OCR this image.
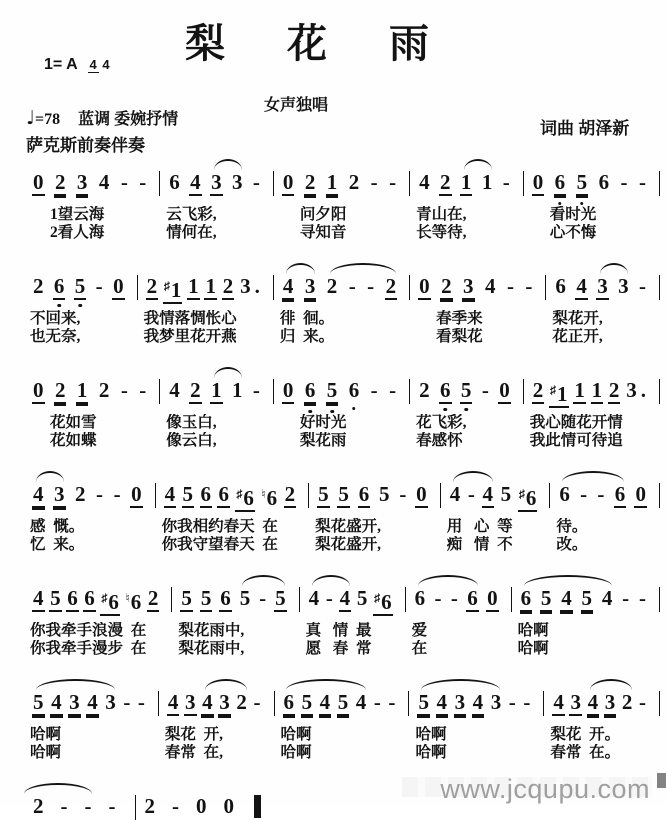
梨 花 雨
女声独唱
1= A 4 4
♩=78 蓝调 委婉抒情
萨克斯前奏伴奏
词曲 胡泽新
0 2 3 4 - -
1望云海
2看人海
6 4 3 3 -
云飞彩,
情何在,
0 2 1 2 - -
问夕阳
寻知音
4 2 1 1 -
青山在,
长等待,
0 6 5 6 - -
看时光
心不悔
2 6 5 - 0
不回来,
也无奈,
2 ♯1 1 1 2 3 .
我情落惆怅心
我梦里花开燕
4 3 2 - - 2
徘  徊。
归  来。
0 2 3 4 - -
春季来
看梨花
6 4 3 3 -
梨花开,
花正开,
0 2 1 2 - -
花如雪
花如蝶
4 2 1 1 -
像玉白,
像云白,
0 6 5 6 - -
好时光
梨花雨
2 6 5 - 0
花飞彩,
春感怀
2 ♯1 1 1 2 3 .
我心随花开情
我此情可待追
4 3 2 - - 0
感  慨。
忆  来。
4 5 6 6 ♯6 ♮6 2
你我相约春天  在
你我守望春天  在
5 5 6 5 - 0
梨花盛开,
梨花盛开,
4 - 4 5 ♯6
用   心  等
痴   情  不
6 - - 6 0
待。
改。
4 5 6 6 ♯6 ♮6 2
你我牵手浪漫  在
你我牵手漫步  在
5 5 6 5 - 5
梨花雨中,
梨花雨中,
4 - 4 5 ♯6
真   情  最
愿   春  常
6 - - 6 0
爱
在
6 5 4 5 4 - -
哈啊
哈啊
5 4 3 4 3 - -
哈啊
哈啊
4 3 4 3 2 -
梨花  开,
春常  在,
6 5 4 5 4 - -
哈啊
哈啊
5 4 3 4 3 - -
哈啊
哈啊
4 3 4 3 2 -
梨花  开。
春常  在。
2 - - - 2 - 0 0
www.jcqupu.com
